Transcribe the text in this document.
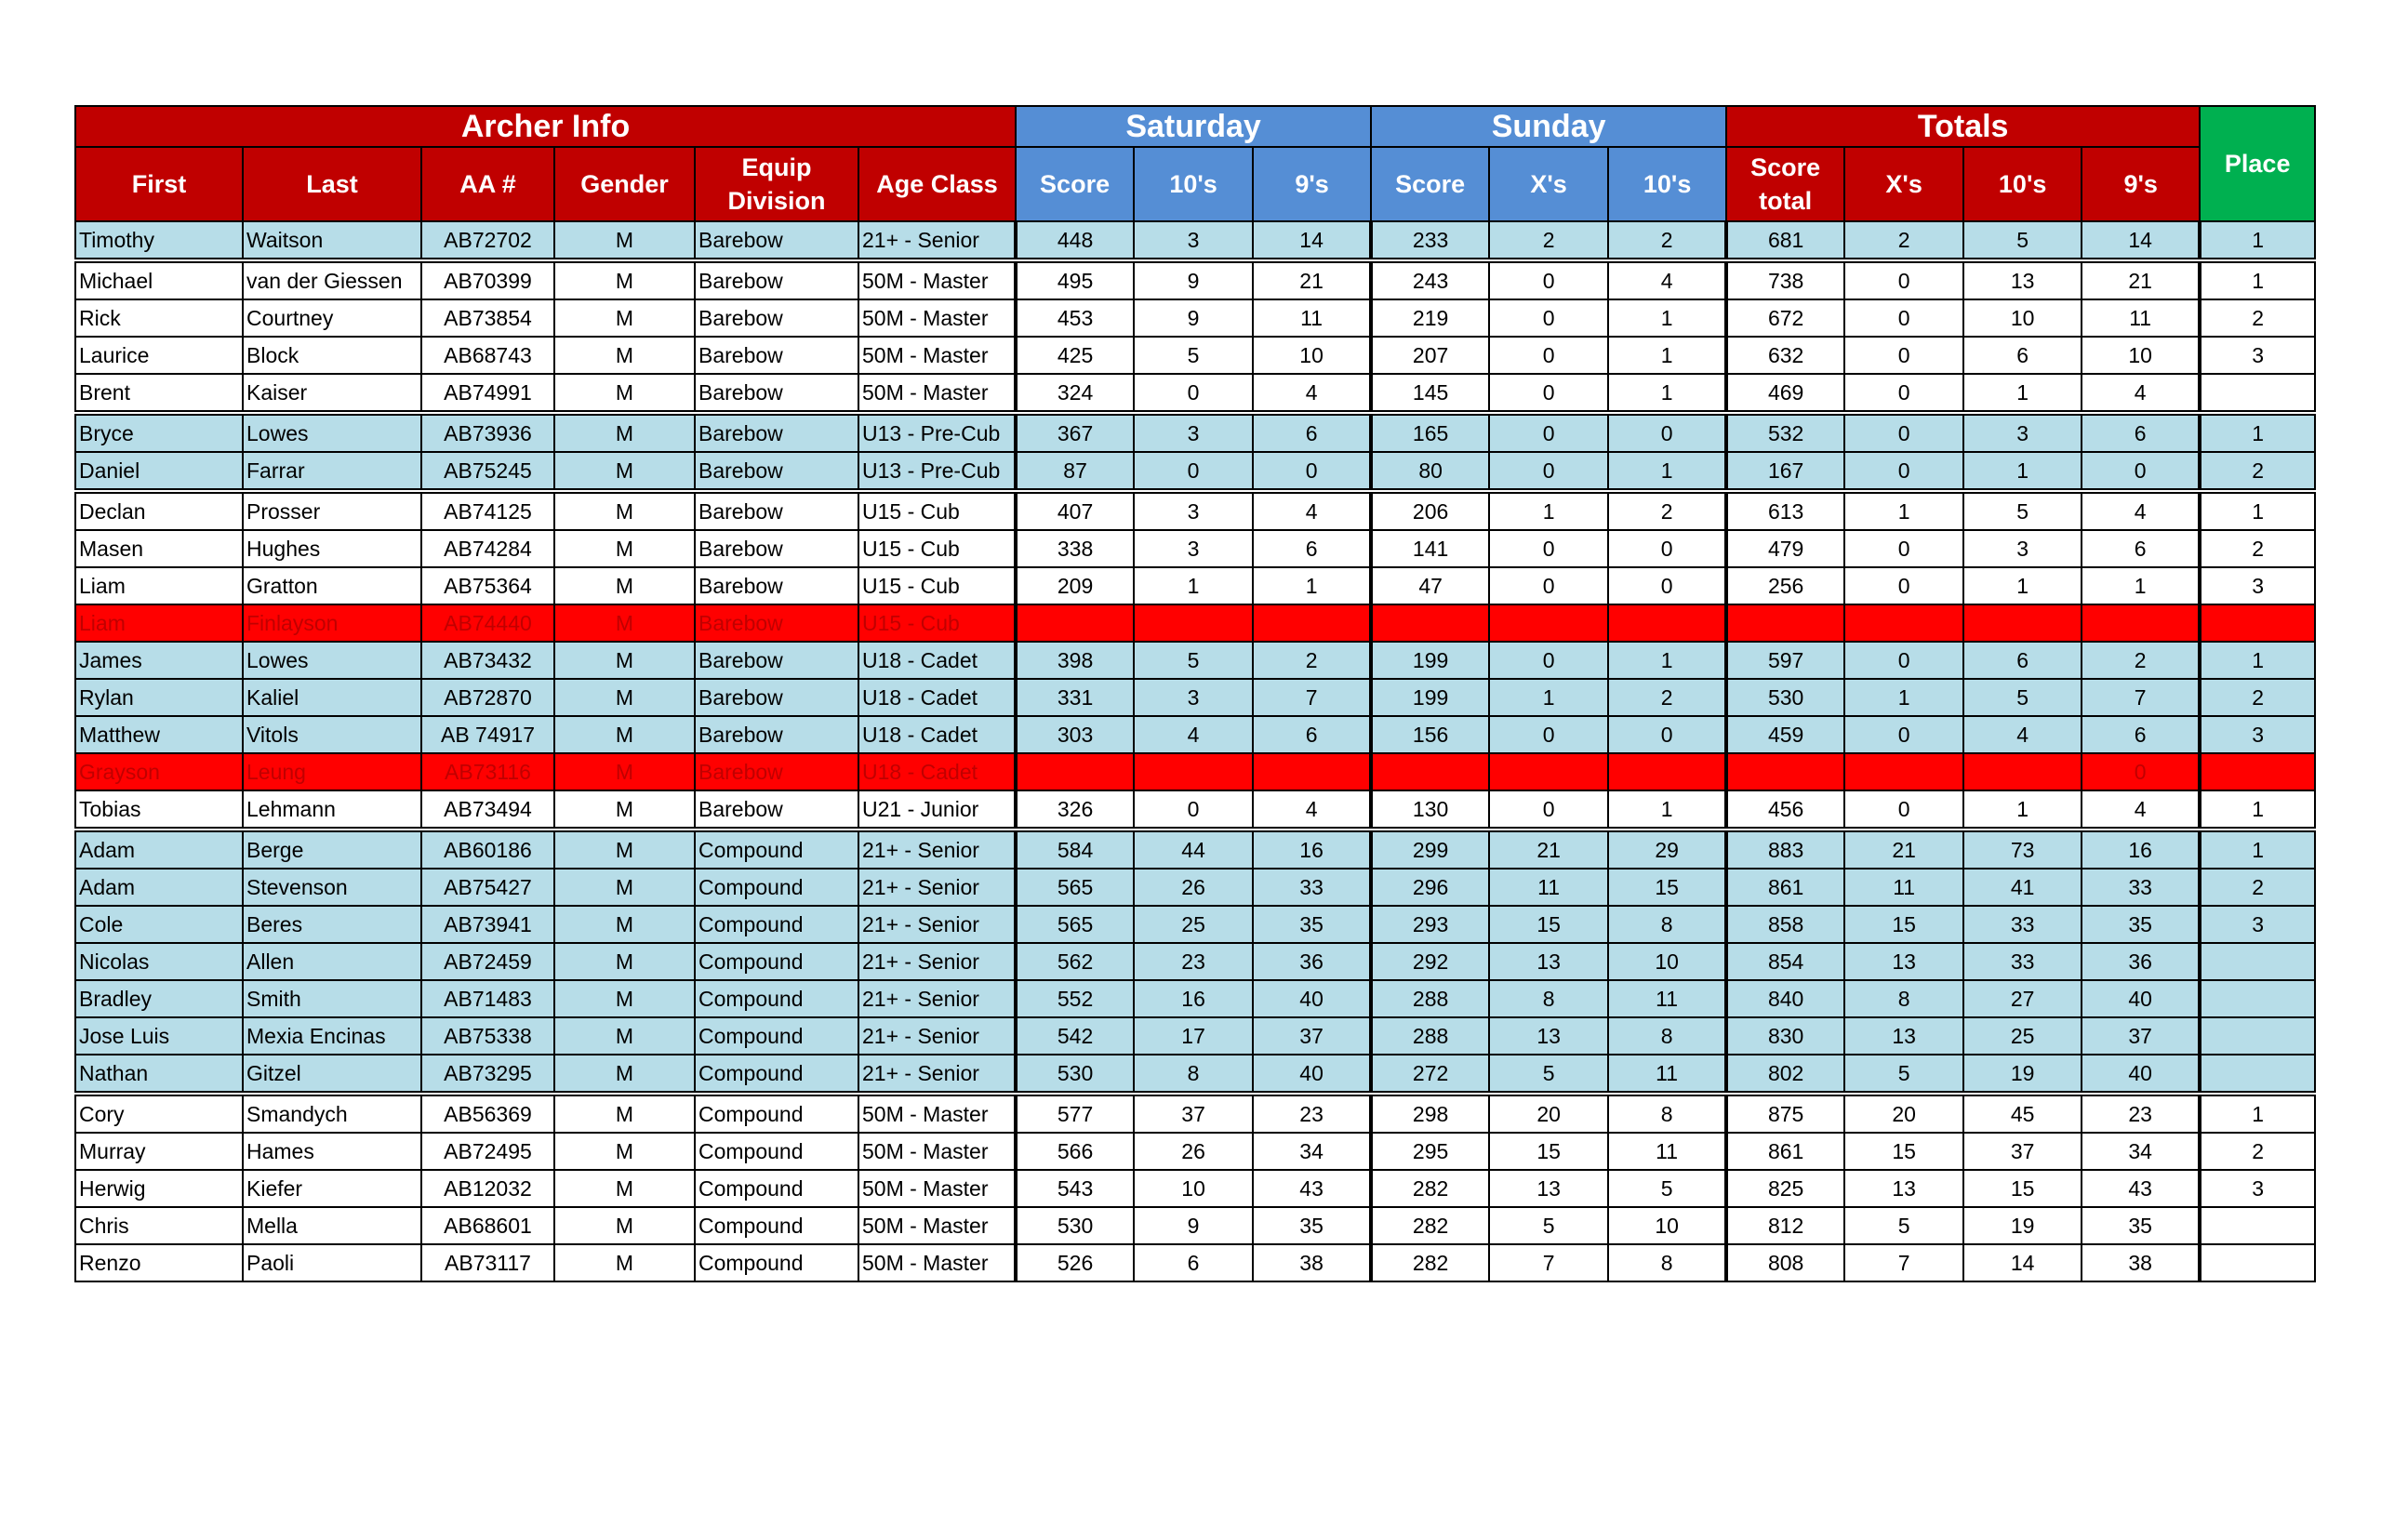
Archer Info						Saturday			Sunday			Totals				Place
First	Last	AA #	Gender	Equip Division	Age Class	Score	10's	9's	Score	X's	10's	Score total	X's	10's	9's	
Timothy	Waitson	AB72702	M	Barebow	21+ - Senior	448	3	14	233	2	2	681	2	5	14	1
Michael	van der Giessen	AB70399	M	Barebow	50M - Master	495	9	21	243	0	4	738	0	13	21	1
Rick	Courtney	AB73854	M	Barebow	50M - Master	453	9	11	219	0	1	672	0	10	11	2
Laurice	Block	AB68743	M	Barebow	50M - Master	425	5	10	207	0	1	632	0	6	10	3
Brent	Kaiser	AB74991	M	Barebow	50M - Master	324	0	4	145	0	1	469	0	1	4	
Bryce	Lowes	AB73936	M	Barebow	U13 - Pre-Cub	367	3	6	165	0	0	532	0	3	6	1
Daniel	Farrar	AB75245	M	Barebow	U13 - Pre-Cub	87	0	0	80	0	1	167	0	1	0	2
Declan	Prosser	AB74125	M	Barebow	U15 - Cub	407	3	4	206	1	2	613	1	5	4	1
Masen	Hughes	AB74284	M	Barebow	U15 - Cub	338	3	6	141	0	0	479	0	3	6	2
Liam	Gratton	AB75364	M	Barebow	U15 - Cub	209	1	1	47	0	0	256	0	1	1	3
Liam	Finlayson	AB74440	M	Barebow	U15 - Cub											
James	Lowes	AB73432	M	Barebow	U18 - Cadet	398	5	2	199	0	1	597	0	6	2	1
Rylan	Kaliel	AB72870	M	Barebow	U18 - Cadet	331	3	7	199	1	2	530	1	5	7	2
Matthew	Vitols	AB 74917	M	Barebow	U18 - Cadet	303	4	6	156	0	0	459	0	4	6	3
Grayson	Leung	AB73116	M	Barebow	U18 - Cadet										0	
Tobias	Lehmann	AB73494	M	Barebow	U21 - Junior	326	0	4	130	0	1	456	0	1	4	1
Adam	Berge	AB60186	M	Compound	21+ - Senior	584	44	16	299	21	29	883	21	73	16	1
Adam	Stevenson	AB75427	M	Compound	21+ - Senior	565	26	33	296	11	15	861	11	41	33	2
Cole	Beres	AB73941	M	Compound	21+ - Senior	565	25	35	293	15	8	858	15	33	35	3
Nicolas	Allen	AB72459	M	Compound	21+ - Senior	562	23	36	292	13	10	854	13	33	36	
Bradley	Smith	AB71483	M	Compound	21+ - Senior	552	16	40	288	8	11	840	8	27	40	
Jose Luis	Mexia Encinas	AB75338	M	Compound	21+ - Senior	542	17	37	288	13	8	830	13	25	37	
Nathan	Gitzel	AB73295	M	Compound	21+ - Senior	530	8	40	272	5	11	802	5	19	40	
Cory	Smandych	AB56369	M	Compound	50M - Master	577	37	23	298	20	8	875	20	45	23	1
Murray	Hames	AB72495	M	Compound	50M - Master	566	26	34	295	15	11	861	15	37	34	2
Herwig	Kiefer	AB12032	M	Compound	50M - Master	543	10	43	282	13	5	825	13	15	43	3
Chris	Mella	AB68601	M	Compound	50M - Master	530	9	35	282	5	10	812	5	19	35	
Renzo	Paoli	AB73117	M	Compound	50M - Master	526	6	38	282	7	8	808	7	14	38	
